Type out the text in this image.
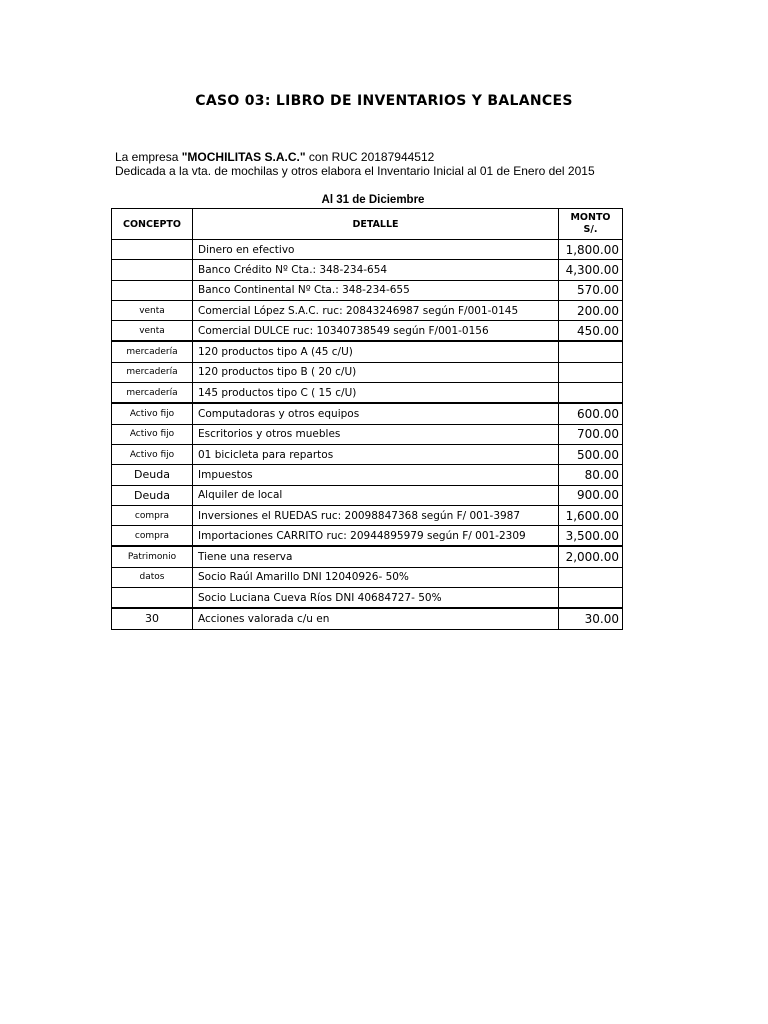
CASO 03: LIBRO DE INVENTARIOS Y BALANCES
La empresa "MOCHILITAS S.A.C." con RUC 20187944512
Dedicada a la vta. de mochilas y otros elabora el Inventario Inicial al 01 de Enero del 2015
Al 31 de Diciembre
CONCEPTO	DETALLE	MONTO
S/.

	Dinero en efectivo	1,800.00
	Banco Crédito Nº Cta.: 348-234-654	4,300.00
	Banco Continental Nº Cta.: 348-234-655	570.00
venta	Comercial López S.A.C. ruc: 20843246987 según F/001-0145	200.00
venta	Comercial DULCE ruc: 10340738549 según F/001-0156	450.00
mercadería	120 productos tipo A (45 c/U)	
mercadería	120 productos tipo B ( 20 c/U)	
mercadería	145 productos tipo C ( 15 c/U)	
Activo fijo	Computadoras y otros equipos	600.00
Activo fijo	Escritorios y otros muebles	700.00
Activo fijo	01 bicicleta para repartos	500.00
Deuda	Impuestos	80.00
Deuda	Alquiler de local	900.00
compra	Inversiones el RUEDAS ruc: 20098847368 según F/ 001-3987	1,600.00
compra	Importaciones CARRITO ruc: 20944895979 según F/ 001-2309	3,500.00
Patrimonio	Tiene una reserva	2,000.00
datos	Socio Raúl Amarillo DNI 12040926- 50%	
	Socio Luciana Cueva Ríos DNI 40684727- 50%	
30	Acciones valorada c/u en	30.00
